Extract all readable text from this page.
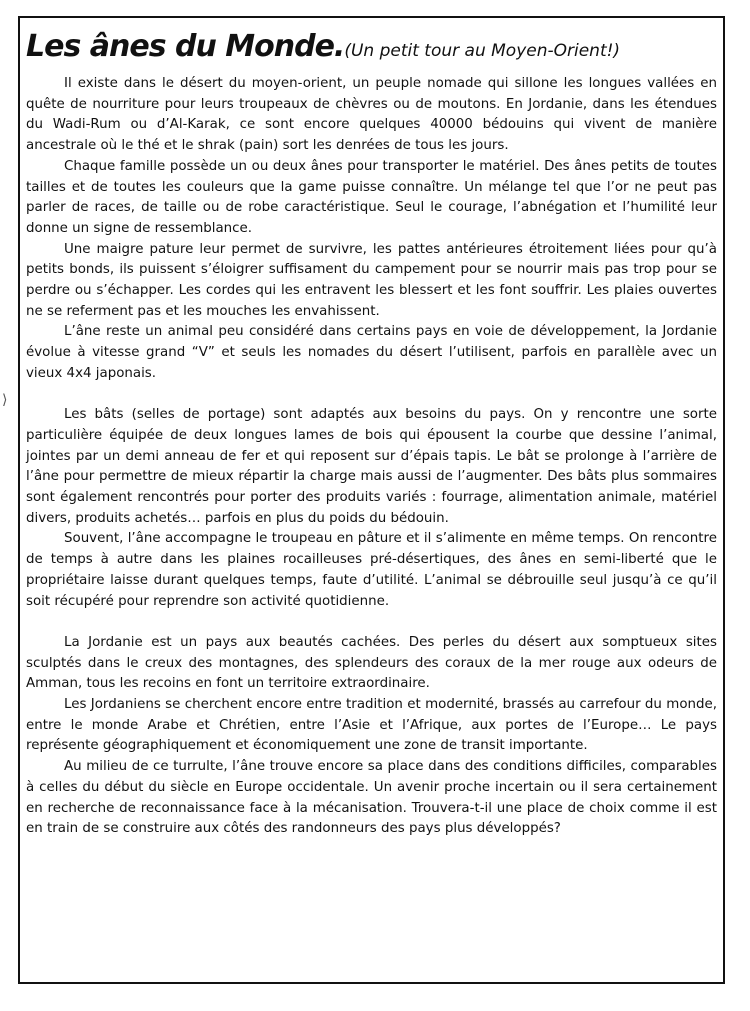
⟩
Les ânes du Monde.(Un petit tour au Moyen-Orient!)

Il existe dans le désert du moyen-orient, un peuple nomade qui sillone les longues vallées en quête de nourriture pour leurs troupeaux de chèvres ou de moutons. En Jordanie, dans les étendues du Wadi-Rum ou d’Al-Karak, ce sont encore quelques 40000 bédouins qui vivent de manière ancestrale où le thé et le shrak (pain) sort les denrées de tous les jours.

Chaque famille possède un ou deux ânes pour transporter le matériel. Des ânes petits de toutes tailles et de toutes les couleurs que la game puisse connaître. Un mélange tel que l’or ne peut pas parler de races, de taille ou de robe caractéristique. Seul le courage, l’abnégation et l’humilité leur donne un signe de ressemblance.

Une maigre pature leur permet de survivre, les pattes antérieures étroitement liées pour qu’à petits bonds, ils puissent s’éloigrer suffisament du campement pour se nourrir mais pas trop pour se perdre ou s’échapper. Les cordes qui les entravent les blessert et les font souffrir. Les plaies ouvertes ne se referment pas et les mouches les envahissent.

L’âne reste un animal peu considéré dans certains pays en voie de développement, la Jordanie évolue à vitesse grand “V” et seuls les nomades du désert l’utilisent, parfois en parallèle avec un vieux 4x4 japonais.

Les bâts (selles de portage) sont adaptés aux besoins du pays. On y rencontre une sorte particulière équipée de deux longues lames de bois qui épousent la courbe que dessine l’animal, jointes par un demi anneau de fer et qui reposent sur d’épais tapis. Le bât se prolonge à l’arrière de l’âne pour permettre de mieux répartir la charge mais aussi de l’augmenter. Des bâts plus sommaires sont également rencontrés pour porter des produits variés : fourrage, alimentation animale, matériel divers, produits achetés… parfois en plus du poids du bédouin.

Souvent, l’âne accompagne le troupeau en pâture et il s’alimente en même temps. On rencontre de temps à autre dans les plaines rocailleuses pré-désertiques, des ânes en semi-liberté que le propriétaire laisse durant quelques temps, faute d’utilité. L’animal se débrouille seul jusqu’à ce qu’il soit récupéré pour reprendre son activité quotidienne.

La Jordanie est un pays aux beautés cachées. Des perles du désert aux somptueux sites sculptés dans le creux des montagnes, des splendeurs des coraux de la mer rouge aux odeurs de Amman, tous les recoins en font un territoire extraordinaire.

Les Jordaniens se cherchent encore entre tradition et modernité, brassés au carrefour du monde, entre le monde Arabe et Chrétien, entre l’Asie et l’Afrique, aux portes de l’Europe… Le pays représente géographiquement et économiquement une zone de transit importante.

Au milieu de ce turrulte, l’âne trouve encore sa place dans des conditions difficiles, comparables à celles du début du siècle en Europe occidentale. Un avenir proche incertain ou il sera certainement en recherche de reconnaissance face à la mécanisation. Trouvera-t-il une place de choix comme il est en train de se construire aux côtés des randonneurs des pays plus développés?
